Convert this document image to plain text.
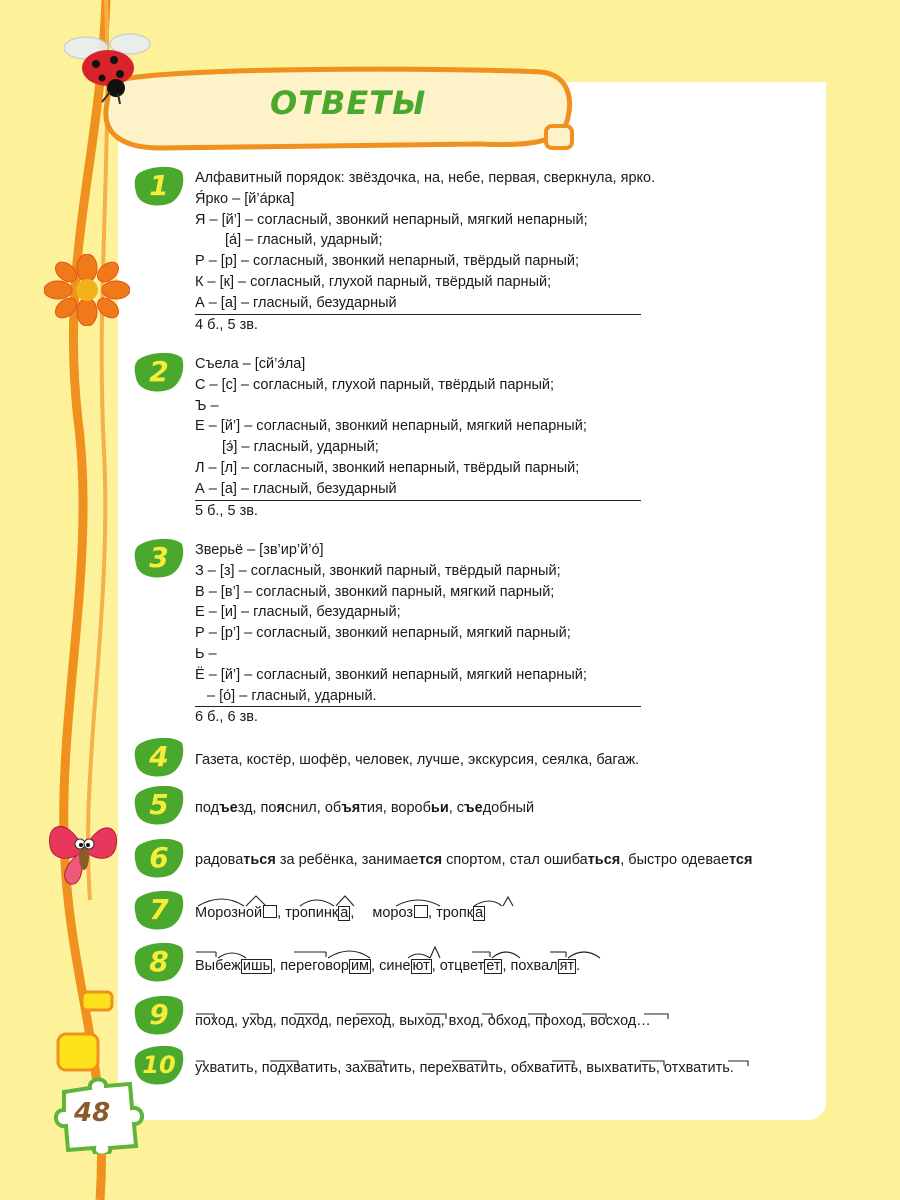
ОТВЕТЫ
48
1
2
3
4
5
6
7
8
9
10
Алфавитный порядок: звёздочка, на, небе, первая, сверкнула, ярко.
Я́рко – [й’а́рка]
Я – [й’] – согласный, звонкий непарный, мягкий непарный;
[а́] – гласный, ударный;
Р – [р] – согласный, звонкий непарный, твёрдый парный;
К – [к] – согласный, глухой парный, твёрдый парный;
А – [а] – гласный, безударный
4 б., 5 зв.
Съела – [сй’э́ла]
С – [с] – согласный, глухой парный, твёрдый парный;
Ъ –
Е – [й’] – согласный, звонкий непарный, мягкий непарный;
[э́] – гласный, ударный;
Л – [л] – согласный, звонкий непарный, твёрдый парный;
А – [а] – гласный, безударный
5 б., 5 зв.
Зверьё – [зв’ир’й’о́]
З – [з] – согласный, звонкий парный, твёрдый парный;
В – [в’] – согласный, звонкий парный, мягкий парный;
Е – [и] – гласный, безударный;
Р – [р’] – согласный, звонкий непарный, мягкий парный;
Ь –
Ё – [й’] – согласный, звонкий непарный, мягкий непарный;
– [о́] – гласный, ударный.
6 б., 6 зв.
Газета, костёр, шофёр, человек, лучше, экскурсия, сеялка, багаж.
подъезд, пояснил, объятия, воробьи, съедобный
радоваться за ребёнка, занимается спортом, стал ошибаться, быстро одевается
Морозной , тропинк а , мороз , тропк а
Выбеж ишь , переговор им , сине ют , отцвет ет , похвал ят .
поход, уход, подход, переход, выход, вход, обход, проход, восход…
ухватить, подхватить, захватить, перехватить, обхватить, выхватить, отхватить.
